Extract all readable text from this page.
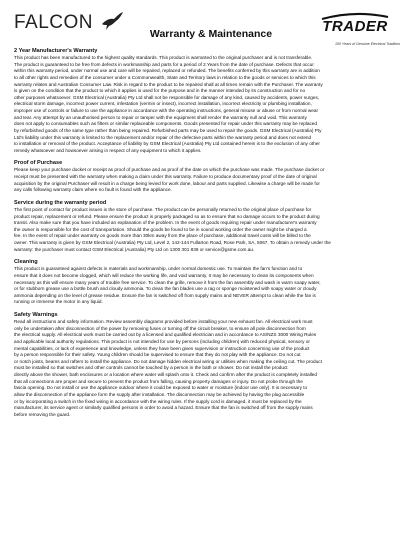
FALCON
Warranty & Maintenance	TRADER
100 Years of Genuine Electrical Tradition
2 Year Manufacturer's Warranty
This product has been manufactured to the highest quality standards. This product is warranted to the original purchaser and is not transferable.
The product is guaranteed to be free from defects in workmanship and parts for a period of 2 Years from the date of purchase. Defects that occur
within this warranty period, under normal use and care will be repaired, replaced or refunded. The benefits conferred by this warranty are in addition
to all other rights and remedies of the consumer under a Commonwealth, State and Territory laws in relation to the goods or services to which this
warranty relates and Australian Consumer Law. Risk in regard to the product to be repaired shall at all times remain with the Purchaser. The warranty
is given on the condition that the product to which it applies is used for the purpose and in the manner intended by its construction and for no
other purposes whatsoever. GSM Electrical (Australia) Pty Ltd shall not be responsible for damage of any kind, caused by accidents, power surges,
electrical storm damage, incorrect power current, infestation (vermin or insect), incorrect installation, incorrect electricity or plumbing installation,
improper use of controls or failure to use the appliance in accordance with the operating instructions, general misuse or abuse or from normal wear
and tear. Any attempt by an unauthorised person to repair or tamper with the equipment shall render the warranty null and void. This warranty
does not apply to consumables such as filters or similar replaceable components. Goods presented for repair under this warranty may be replaced
by refurbished goods of the same type rather than being repaired. Refurbished parts may be used to repair the goods. GSM Electrical (Australia) Pty
Ltd's liability under this warranty is limited to the replacement and/or repair of the defective parts within the warranty period and does not extend
to installation or removal of the product. Acceptance of liability by GSM Electrical (Australia) Pty Ltd contained herein is to the exclusion of any other
remedy whatsoever and howsoever arising in respect of any equipment to which it applies.
Proof of Purchase
Please keep your purchase docket or receipt as proof of purchase and as proof of the date on which the purchase was made. The purchase docket or
receipt must be presented with the warranty when making a claim under this warranty. Failure to produce documentary proof of the date of original
acquisition by the original Purchaser will result in a charge being levied for work done, labour and parts supplied. Likewise a charge will be made for
any calls following warranty claim where no fault is found with the appliance.
Service during the warranty period
The first point of contact for product issues is the store of purchase. The product can be personally returned to the original place of purchase for
product repair, replacement or refund. Please ensure the product is properly packaged so as to ensure that no damage occurs to the product during
transit. Also make sure that you have included an explanation of the problem. In the event of goods requiring repair under manufacturer's warranty
the owner is responsible for the cost of transportation. Should the goods be found to be in sound working order the owner might be charged a
fee. In the event of repair under warranty on goods more than 30km away from the place of purchase, additional travel costs will be billed to the
owner. This warranty is given by GSM Electrical (Australia) Pty Ltd, Level 2, 142-144 Fullarton Road, Rose Park, SA, 5067. To obtain a remedy under the
warranty: the purchaser must contact GSM Electrical (Australia) Pty Ltd on 1300 301 838 or service@gsme.com.au.
Cleaning
This product is guaranteed against defects in materials and workmanship, under normal domestic use. To maintain the fan's function and to
ensure that it does not become clogged, which will reduce the working life, and void warranty. It may be necessary to clean its components when
necessary as this will ensure many years of trouble free service. To clean the grille, remove it from the fan assembly and wash in warm soapy water,
or for stubborn grease use a bottle brush and cloudy ammonia. To clean the fan blades use a rag or sponge moistened with soapy water or cloudy
ammonia depending on the level of grease residue. Ensure the fan is switched off from supply mains and NEVER attempt to clean while the fan is
running or immerse the motor in any liquid.
Safety Warnings
Read all instructions and safety information. Review assembly diagrams provided before installing your new exhaust fan. All electrical work must
only be undertaken after disconnection of the power by removing fuses or turning off the circuit breaker, to ensure all pole disconnection from
the electrical supply. All electrical work must be carried out by a licensed and qualified electrician and in accordance to AS/NZS 3000 Wiring Rules
and applicable local authority regulations. This product is not intended for use by persons (including children) with reduced physical, sensory or
mental capabilities, or lack of experience and knowledge, unless they have been given supervision or instruction concerning use of the product
by a person responsible for their safety. Young children should be supervised to ensure that they do not play with the appliance. Do not cut
or notch joists, beams and rafters to install the appliance. Do not damage hidden electrical wiring or utilities when making the ceiling cut. The product
must be installed so that switches and other controls cannot be touched by a person in the bath or shower. Do not install the product
directly above the shower, bath enclosures or a location where water will splash onto it. Check and confirm after the product is completely installed
that all connections are proper and secure to prevent the product from falling, causing property damages or injury. Do not probe through the
fascia opening. Do not install or use the appliance outdoor where it could be exposed to water or moisture (indoor use only). It is necessary to
allow the disconnection of the appliance form the supply after installation. The disconnection may be achieved by having the plug accessible
or by incorporating a switch in the fixed wiring in accordance with the wiring rules. If the supply cord is damaged, it must be replaced by the
manufacturer, its service agent or similarly qualified persons in order to avoid a hazard. Ensure that the fan is switched off from the supply mains
before removing the guard.
